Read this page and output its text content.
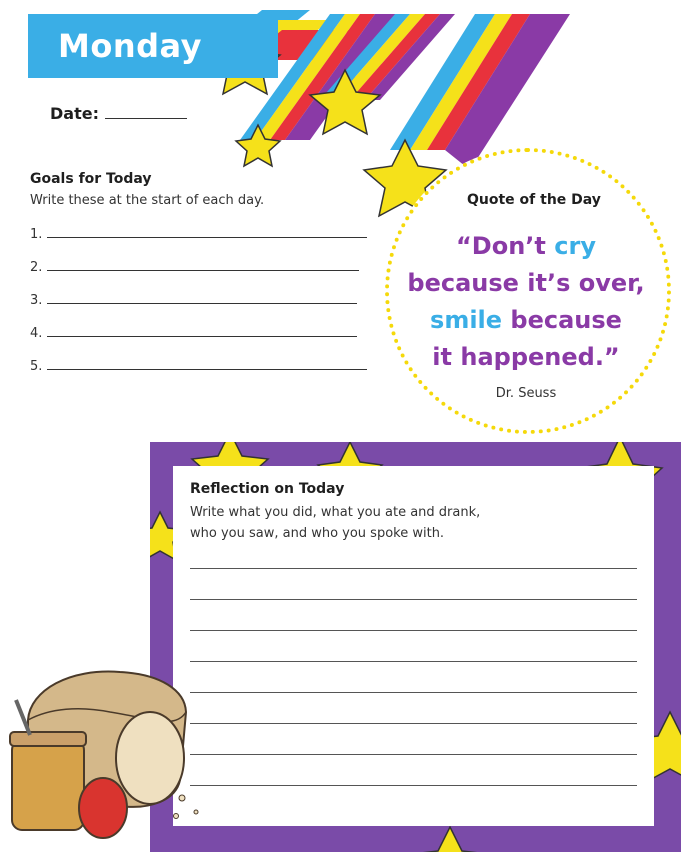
Monday
Date:
Goals for Today
Write these at the start of each day.
1.
2.
3.
4.
5.
Quote of the Day
“Don’t cry
because it’s over,
smile because
it happened.”
Dr. Seuss
Reflection on Today
Write what you did, what you ate and drank,
who you saw, and who you spoke with.
